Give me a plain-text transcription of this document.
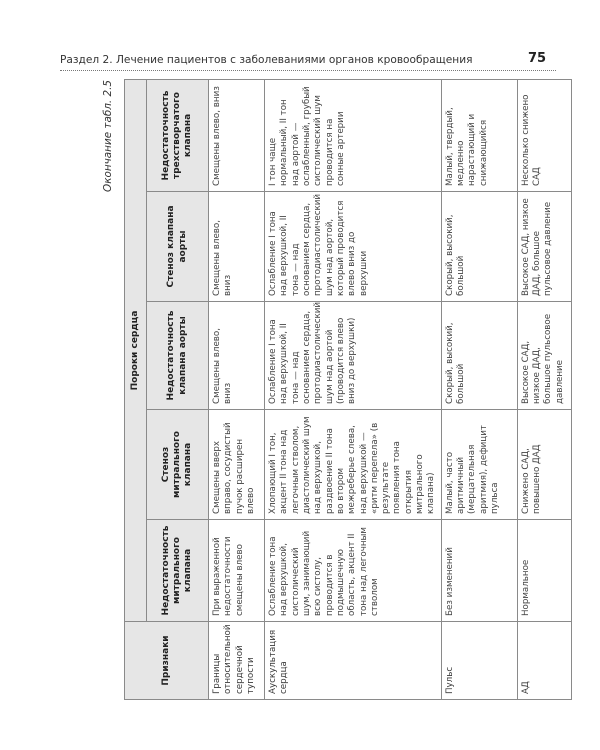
Раздел 2. Лечение пациентов с заболеваниями органов кровообращения	75
Окончание табл. 2.5
Признаки	Пороки сердца				
	Недостаточность митрального клапана	Стеноз митрального клапана	Недостаточность клапана аорты	Стеноз клапана аорты	Недостаточность трехстворчатого клапана
Границы относительной сердечной тупости	При выраженной недостаточности смещены влево	Смещены вверх вправо, сосудистый пучок расширен влево	Смещены влево, вниз	Смещены влево, вниз	Смещены влево, вниз
Аускультация сердца	Ослабление тона над верхушкой, систолический шум, занимающий всю систолу, проводится в подмышечную область, акцент II тона над легочным стволом	Хлопающий I тон, акцент II тона над легочным стволом, диастолический шум над верхушкой, раздвоение II тона во втором межреберье слева, над верхушкой — «ритм перепела» (в результате появления тона открытия митрального клапана)	Ослабление I тона над верхушкой, II тона — над основанием сердца, протодиастолический шум над аортой (проводится влево вниз до верхушки)	Ослабление I тона над верхушкой, II тона — над основанием сердца, протодиастолический шум над аортой, который проводится влево вниз до верхушки	I тон чаще нормальный, II тон над аортой — ослабленный, грубый систолический шум проводится на сонные артерии
Пульс	Без изменений	Малый, часто аритмичный (мерцательная аритмия), дефицит пульса	Скорый, высокий, большой	Скорый, высокий, большой	Малый, твердый, медленно нарастающий и снижающийся
АД	Нормальное	Снижено САД, повышено ДАД	Высокое САД, низкое ДАД, большое пульсовое давление	Высокое САД, низкое ДАД, большое пульсовое давление	Несколько снижено САД
